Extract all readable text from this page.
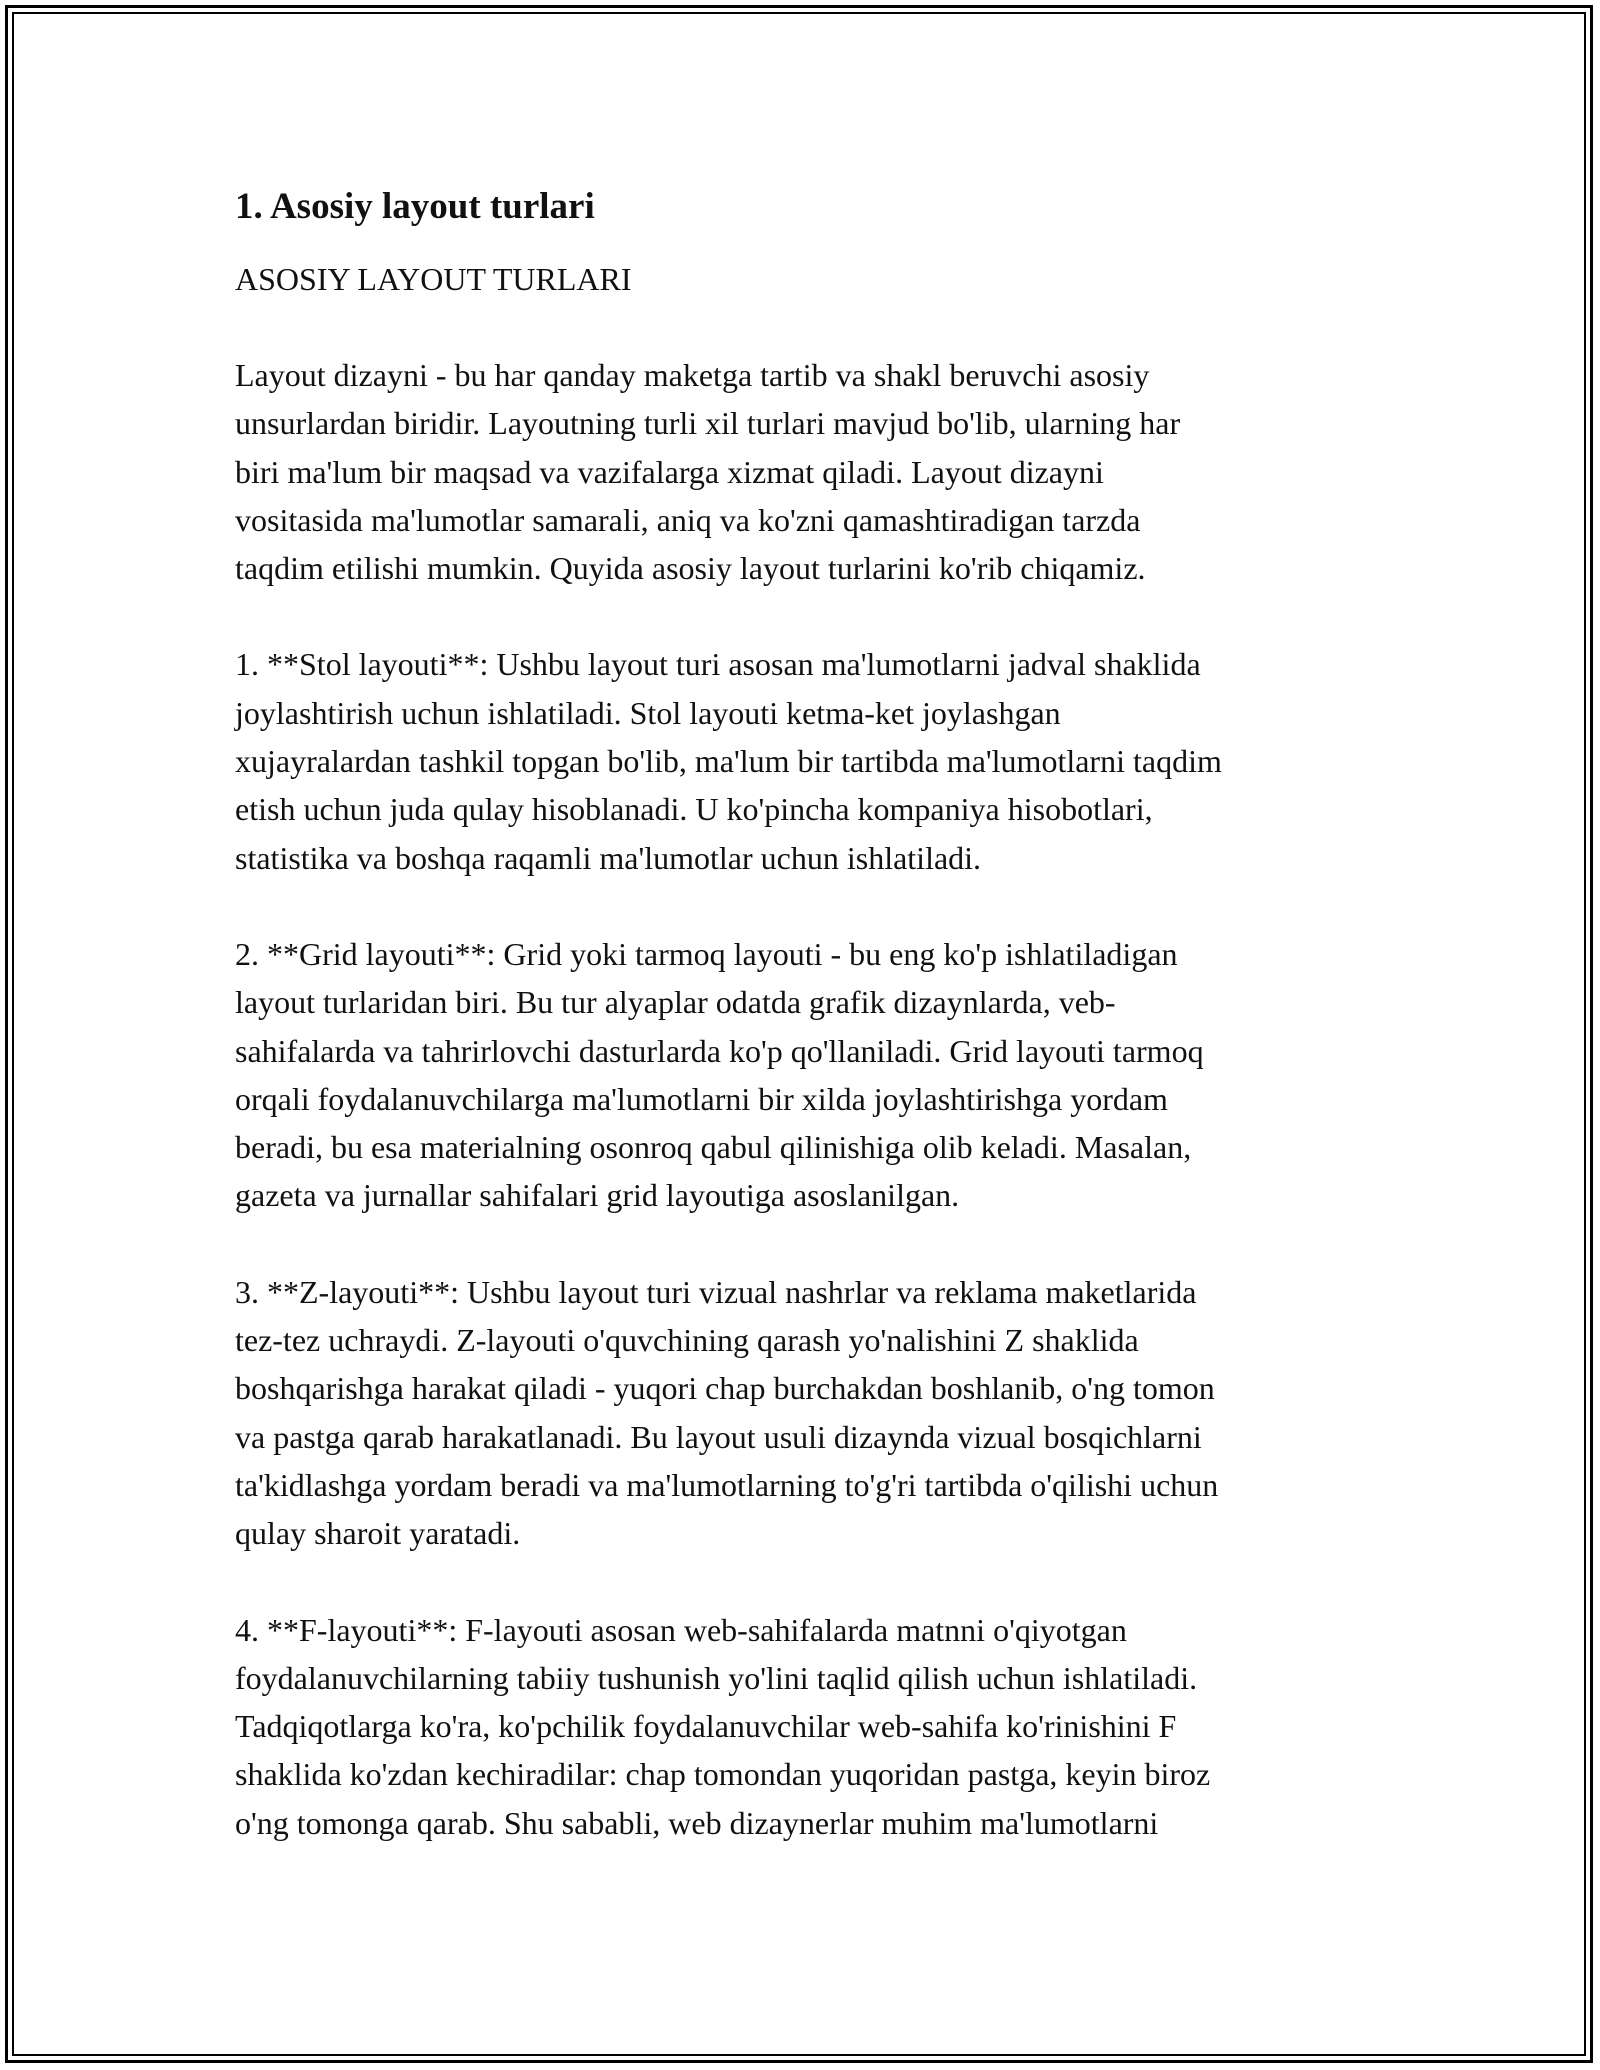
1. Asosiy layout turlari
ASOSIY LAYOUT TURLARI

Layout dizayni - bu har qanday maketga tartib va shakl beruvchi asosiy
unsurlardan biridir. Layoutning turli xil turlari mavjud bo'lib, ularning har
biri ma'lum bir maqsad va vazifalarga xizmat qiladi. Layout dizayni
vositasida ma'lumotlar samarali, aniq va ko'zni qamashtiradigan tarzda
taqdim etilishi mumkin. Quyida asosiy layout turlarini ko'rib chiqamiz.

1. **Stol layouti**: Ushbu layout turi asosan ma'lumotlarni jadval shaklida
joylashtirish uchun ishlatiladi. Stol layouti ketma-ket joylashgan
xujayralardan tashkil topgan bo'lib, ma'lum bir tartibda ma'lumotlarni taqdim
etish uchun juda qulay hisoblanadi. U ko'pincha kompaniya hisobotlari,
statistika va boshqa raqamli ma'lumotlar uchun ishlatiladi.

2. **Grid layouti**: Grid yoki tarmoq layouti - bu eng ko'p ishlatiladigan
layout turlaridan biri. Bu tur alyaplar odatda grafik dizaynlarda, veb-
sahifalarda va tahrirlovchi dasturlarda ko'p qo'llaniladi. Grid layouti tarmoq
orqali foydalanuvchilarga ma'lumotlarni bir xilda joylashtirishga yordam
beradi, bu esa materialning osonroq qabul qilinishiga olib keladi. Masalan,
gazeta va jurnallar sahifalari grid layoutiga asoslanilgan.

3. **Z-layouti**: Ushbu layout turi vizual nashrlar va reklama maketlarida
tez-tez uchraydi. Z-layouti o'quvchining qarash yo'nalishini Z shaklida
boshqarishga harakat qiladi - yuqori chap burchakdan boshlanib, o'ng tomon
va pastga qarab harakatlanadi. Bu layout usuli dizaynda vizual bosqichlarni
ta'kidlashga yordam beradi va ma'lumotlarning to'g'ri tartibda o'qilishi uchun
qulay sharoit yaratadi.

4. **F-layouti**: F-layouti asosan web-sahifalarda matnni o'qiyotgan
foydalanuvchilarning tabiiy tushunish yo'lini taqlid qilish uchun ishlatiladi.
Tadqiqotlarga ko'ra, ko'pchilik foydalanuvchilar web-sahifa ko'rinishini F
shaklida ko'zdan kechiradilar: chap tomondan yuqoridan pastga, keyin biroz
o'ng tomonga qarab. Shu sababli, web dizaynerlar muhim ma'lumotlarni
